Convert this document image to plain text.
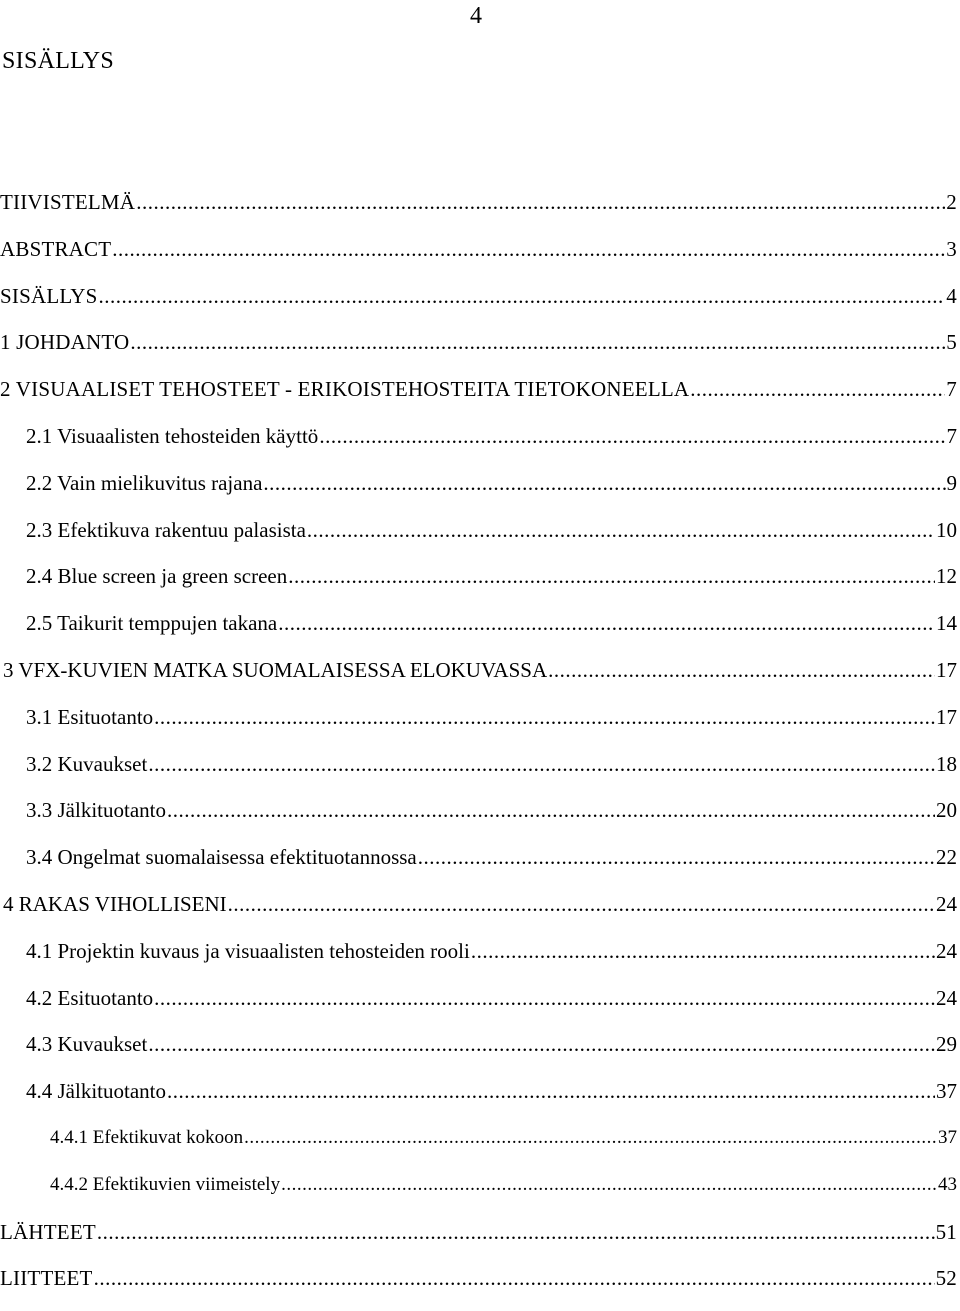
4
SISÄLLYS
TIIVISTELMÄ .....	2
ABSTRACT .....	3
SISÄLLYS .....	4
1 JOHDANTO .....	5
2 VISUAALISET TEHOSTEET - ERIKOISTEHOSTEITA TIETOKONEELLA .....	7
2.1 Visuaalisten tehosteiden käyttö .....	7
2.2 Vain mielikuvitus rajana .....	9
2.3 Efektikuva rakentuu palasista .....	10
2.4 Blue screen ja green screen .....	12
2.5 Taikurit temppujen takana .....	14
3 VFX-KUVIEN MATKA SUOMALAISESSA ELOKUVASSA .....	17
3.1 Esituotanto .....	17
3.2 Kuvaukset .....	18
3.3 Jälkituotanto .....	20
3.4 Ongelmat suomalaisessa efektituotannossa .....	22
4 RAKAS VIHOLLISENI .....	24
4.1 Projektin kuvaus ja visuaalisten tehosteiden rooli .....	24
4.2 Esituotanto .....	24
4.3 Kuvaukset .....	29
4.4 Jälkituotanto .....	37
4.4.1 Efektikuvat kokoon .....	37
4.4.2 Efektikuvien viimeistely .....	43
LÄHTEET .....	51
LIITTEET .....	52
